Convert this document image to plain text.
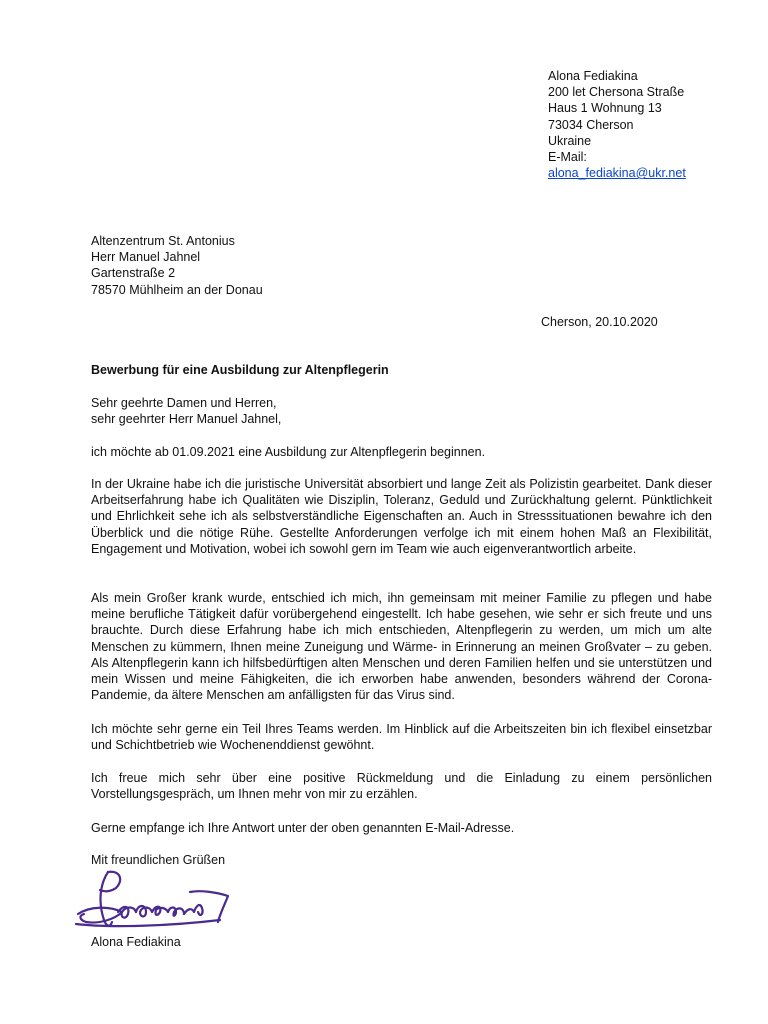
Alona Fediakina
200 let Chersona Straße
Haus 1 Wohnung 13
73034 Cherson
Ukraine
E-Mail:
alona_fediakina@ukr.net
Altenzentrum St. Antonius
Herr Manuel Jahnel
Gartenstraße 2
78570 Mühlheim an der Donau
Cherson, 20.10.2020
Bewerbung für eine Ausbildung zur Altenpflegerin
Sehr geehrte Damen und Herren,
sehr geehrter Herr Manuel Jahnel,
ich möchte ab 01.09.2021 eine Ausbildung zur Altenpflegerin beginnen.
In der Ukraine habe ich die juristische Universität absorbiert und lange Zeit als Polizistin gearbeitet. Dank dieser Arbeitserfahrung habe ich Qualitäten wie Disziplin, Toleranz, Geduld und Zurückhaltung gelernt. Pünktlichkeit und Ehrlichkeit sehe ich als selbstverständliche Eigenschaften an. Auch in Stresssituationen bewahre ich den Überblick und die nötige Rühe. Gestellte Anforderungen verfolge ich mit einem hohen Maß an Flexibilität, Engagement und Motivation, wobei ich sowohl gern im Team wie auch eigenverantwortlich arbeite.
Als mein Großer krank wurde, entschied ich mich, ihn gemeinsam mit meiner Familie zu pflegen und habe meine berufliche Tätigkeit dafür vorübergehend eingestellt. Ich habe gesehen, wie sehr er sich freute und uns brauchte. Durch diese Erfahrung habe ich mich entschieden, Altenpflegerin zu werden, um mich um alte Menschen zu kümmern, Ihnen meine Zuneigung und Wärme- in Erinnerung an meinen Großvater – zu geben. Als Altenpflegerin kann ich hilfsbedürftigen alten Menschen und deren Familien helfen und sie unterstützen und mein Wissen und meine Fähigkeiten, die ich erworben habe anwenden, besonders während der Corona-Pandemie, da ältere Menschen am anfälligsten für das Virus sind.
Ich möchte sehr gerne ein Teil Ihres Teams werden. Im Hinblick auf die Arbeitszeiten bin ich flexibel einsetzbar und Schichtbetrieb wie Wochenenddienst gewöhnt.
Ich freue mich sehr über eine positive Rückmeldung und die Einladung zu einem persönlichen Vorstellungsgespräch, um Ihnen mehr von mir zu erzählen.
Gerne empfange ich Ihre Antwort unter der oben genannten E-Mail-Adresse.
Mit freundlichen Grüßen
Alona Fediakina
